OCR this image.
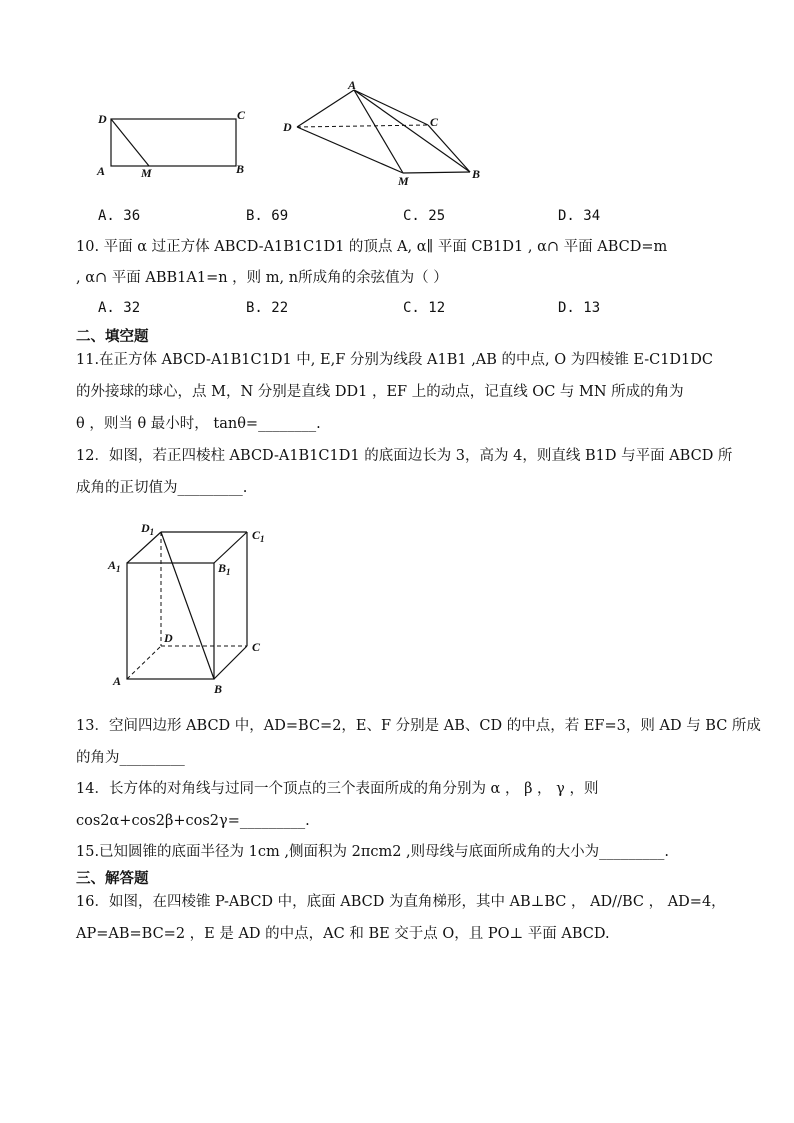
D	C
A	M	B
A
D	C
M	B
A. 36	B. 69	C. 25	D. 34
10. 平面 α 过正方体 ABCD-A1B1C1D1 的顶点 A, α∥ 平面 CB1D1 , α∩ 平面 ABCD=m
, α∩ 平面 ABB1A1=n ，则 m, n所成角的余弦值为（ ）
A. 32	B. 22	C. 12	D. 13
二、填空题
11.在正方体 ABCD-A1B1C1D1 中, E,F 分别为线段 A1B1 ,AB 的中点, O 为四棱锥 E-C1D1DC
的外接球的球心，点 M，N 分别是直线 DD1 ，EF 上的动点，记直线 OC 与 MN 所成的角为
θ ，则当 θ 最小时， tanθ=________.
12．如图，若正四棱柱 ABCD-A1B1C1D1 的底面边长为 3，高为 4，则直线 B1D 与平面 ABCD 所
成角的正切值为_________.
$D_1$	$C_1$
$A_1$	$B_1$
D
C
A
B
13．空间四边形 ABCD 中，AD=BC=2，E、F 分别是 AB、CD 的中点，若 EF=3，则 AD 与 BC 所成
的角为_________
14．长方体的对角线与过同一个顶点的三个表面所成的角分别为 α ， β ， γ ，则
cos2α+cos2β+cos2γ=_________.
15.已知圆锥的底面半径为 1cm ,侧面积为 2πcm2 ,则母线与底面所成角的大小为_________.
三、解答题
16．如图，在四棱锥 P-ABCD 中，底面 ABCD 为直角梯形，其中 AB⊥BC ， AD//BC ， AD=4，
AP=AB=BC=2 ，E 是 AD 的中点，AC 和 BE 交于点 O，且 PO⊥ 平面 ABCD.
